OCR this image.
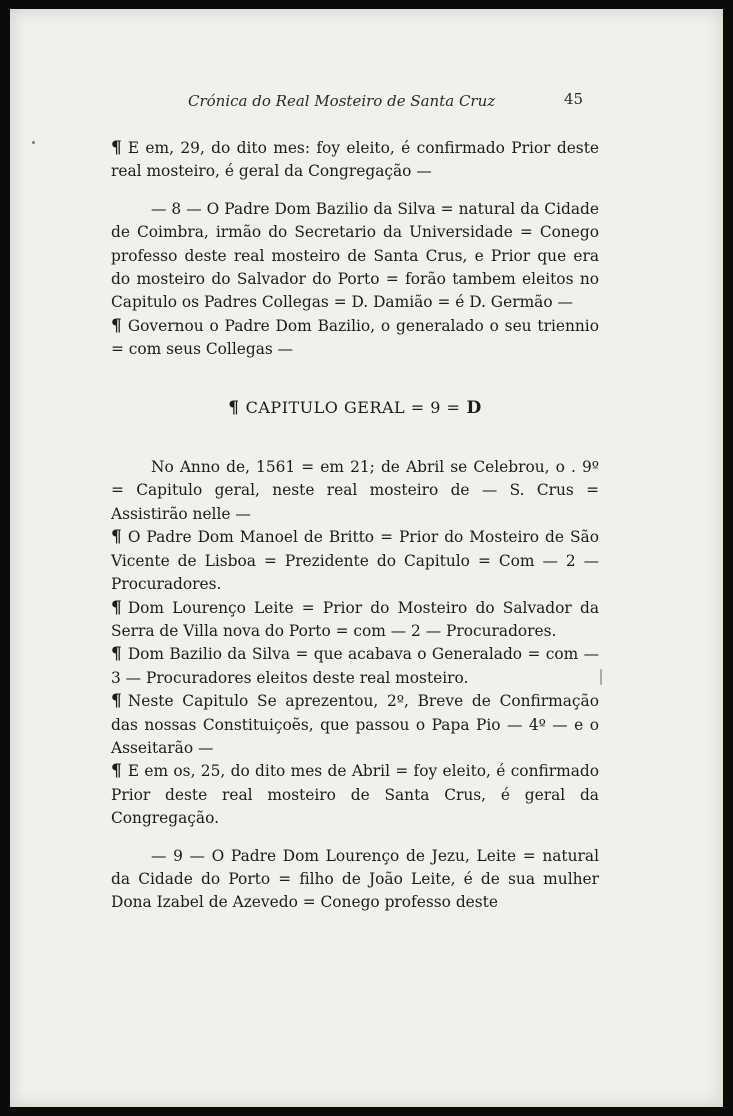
Crónica do Real Mosteiro de Santa Cruz	45

¶ E em, 29, do dito mes: foy eleito, é confirmado Prior deste real mosteiro, é geral da Congregação —

— 8 — O Padre Dom Bazilio da Silva = natural da Cidade de Coimbra, irmão do Secretario da Universidade = Conego professo deste real mosteiro de Santa Crus, e Prior que era do mosteiro do Salvador do Porto = forão tambem eleitos no Capitulo os Padres Collegas = D. Damião = é D. Germão —

¶ Governou o Padre Dom Bazilio, o generalado o seu triennio = com seus Collegas —

¶ CAPITULO GERAL = 9 = D

No Anno de, 1561 = em 21; de Abril se Celebrou, o . 9º = Capitulo geral, neste real mosteiro de — S. Crus = Assistirão nelle —

¶ O Padre Dom Manoel de Britto = Prior do Mosteiro de São Vicente de Lisboa = Prezidente do Capitulo = Com — 2 — Procuradores.

¶ Dom Lourenço Leite = Prior do Mosteiro do Salvador da Serra de Villa nova do Porto = com — 2 — Procuradores.

¶ Dom Bazilio da Silva = que acabava o Generalado = com — 3 — Procuradores eleitos deste real mosteiro.

¶ Neste Capitulo Se aprezentou, 2º, Breve de Confirmação das nossas Constituiçoẽs, que passou o Papa Pio — 4º — e o Asseitarão —

¶ E em os, 25, do dito mes de Abril = foy eleito, é confirmado Prior deste real mosteiro de Santa Crus, é geral da Congregação.

— 9 — O Padre Dom Lourenço de Jezu, Leite = natural da Cidade do Porto = filho de João Leite, é de sua mulher Dona Izabel de Azevedo = Conego professo deste
